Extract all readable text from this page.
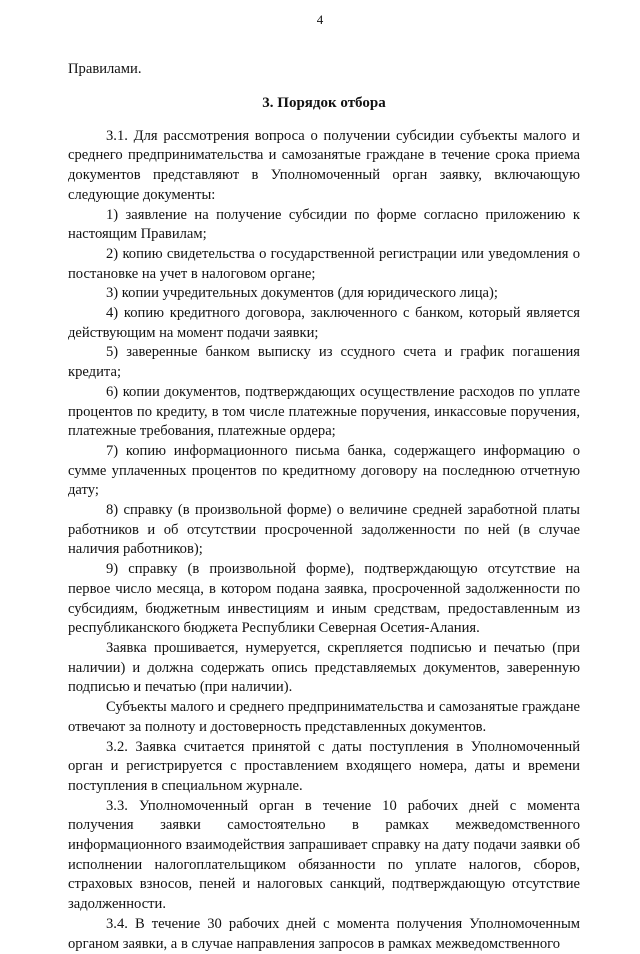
4

Правилами.

3. Порядок отбора

3.1. Для рассмотрения вопроса о получении субсидии субъекты малого и среднего предпринимательства и самозанятые граждане в течение срока приема документов представляют в Уполномоченный орган заявку, включающую следующие документы:

1) заявление на получение субсидии по форме согласно приложению к настоящим Правилам;

2) копию свидетельства о государственной регистрации или уведомления о постановке на учет в налоговом органе;

3) копии учредительных документов (для юридического лица);

4) копию кредитного договора, заключенного с банком, который является действующим на момент подачи заявки;

5) заверенные банком выписку из ссудного счета и график погашения кредита;

6) копии документов, подтверждающих осуществление расходов по уплате процентов по кредиту, в том числе платежные поручения, инкассовые поручения, платежные требования, платежные ордера;

7) копию информационного письма банка, содержащего информацию о сумме уплаченных процентов по кредитному договору на последнюю отчетную дату;

8) справку (в произвольной форме) о величине средней заработной платы работников и об отсутствии просроченной задолженности по ней (в случае наличия работников);

9) справку (в произвольной форме), подтверждающую отсутствие на первое число месяца, в котором подана заявка, просроченной задолженности по субсидиям, бюджетным инвестициям и иным средствам, предоставленным из республиканского бюджета Республики Северная Осетия-Алания.

Заявка прошивается, нумеруется, скрепляется подписью и печатью (при наличии) и должна содержать опись представляемых документов, заверенную подписью и печатью (при наличии).

Субъекты малого и среднего предпринимательства и самозанятые граждане отвечают за полноту и достоверность представленных документов.

3.2. Заявка считается принятой с даты поступления в Уполномоченный орган и регистрируется с проставлением входящего номера, даты и времени поступления в специальном журнале.

3.3. Уполномоченный орган в течение 10 рабочих дней с момента получения заявки самостоятельно в рамках межведомственного информационного взаимодействия запрашивает справку на дату подачи заявки об исполнении налогоплательщиком обязанности по уплате налогов, сборов, страховых взносов, пеней и налоговых санкций, подтверждающую отсутствие задолженности.

3.4. В течение 30 рабочих дней с момента получения Уполномоченным органом заявки, а в случае направления запросов в рамках межведомственного
